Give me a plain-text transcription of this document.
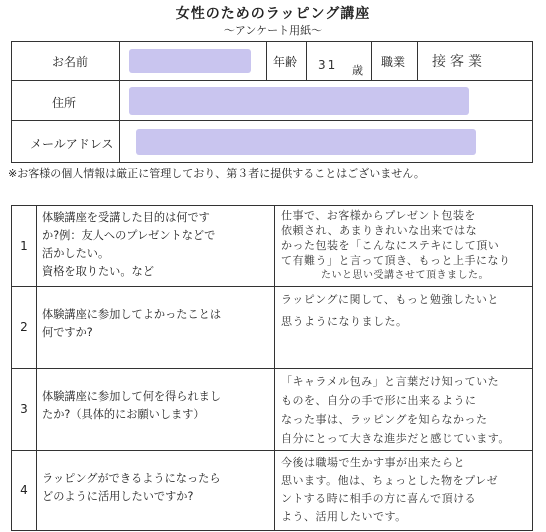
女性のためのラッピング講座
〜アンケート用紙〜
お名前	年齢 31 歳
職業 接客業
住所
メールアドレス
※お客様の個人情報は厳正に管理しており、第３者に提供することはございません。
1
体験講座を受講した目的は何です
か?例：友人へのプレゼントなどで
活かしたい。
資格を取りたい。など
仕事で、お客様からプレゼント包装を
依頼され、あまりきれいな出来ではな
かった包装を「こんなにステキにして頂い
て有難う」と言って頂き、もっと上手になり
たいと思い受講させて頂きました。
2
体験講座に参加してよかったことは
何ですか?
ラッピングに関して、もっと勉強したいと
思うようになりました。
3
体験講座に参加して何を得られまし
たか?（具体的にお願いします）
「キャラメル包み」と言葉だけ知っていた
ものを、自分の手で形に出来るように
なった事は、ラッピングを知らなかった
自分にとって大きな進歩だと感じています。
4
ラッピングができるようになったら
どのように活用したいですか?
今後は職場で生かす事が出来たらと
思います。他は、ちょっとした物をプレゼ
ントする時に相手の方に喜んで頂ける
よう、活用したいです。
